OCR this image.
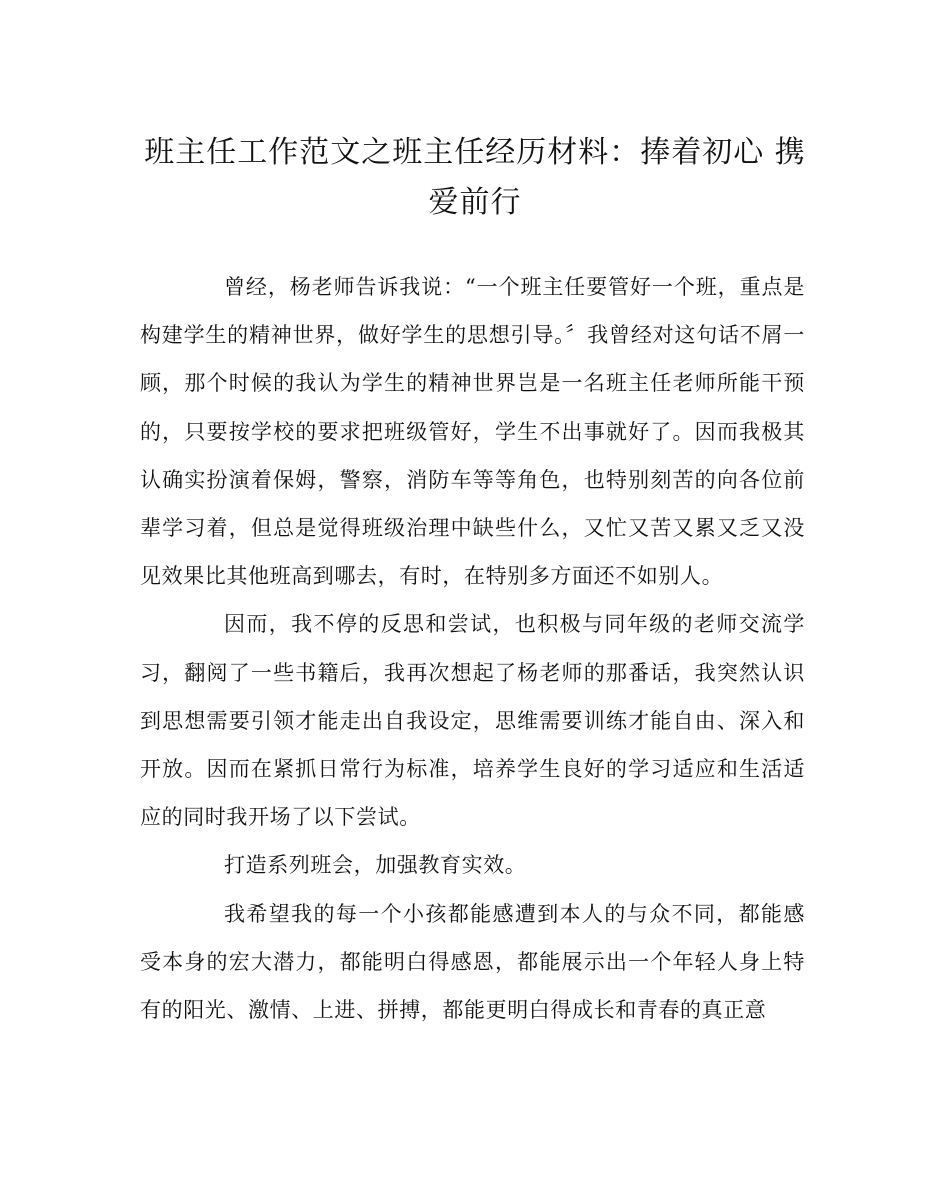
班主任工作范文之班主任经历材料：捧着初心 携爱前行

曾经，杨老师告诉我说：“一个班主任要管好一个班，重点是构建学生的精神世界，做好学生的思想引导。〞我曾经对这句话不屑一顾，那个时候的我认为学生的精神世界岂是一名班主任老师所能干预的，只要按学校的要求把班级管好，学生不出事就好了。因而我极其认确实扮演着保姆，警察，消防车等等角色，也特别刻苦的向各位前辈学习着，但总是觉得班级治理中缺些什么，又忙又苦又累又乏又没见效果比其他班高到哪去，有时，在特别多方面还不如别人。

因而，我不停的反思和尝试，也积极与同年级的老师交流学习，翻阅了一些书籍后，我再次想起了杨老师的那番话，我突然认识到思想需要引领才能走出自我设定，思维需要训练才能自由、深入和开放。因而在紧抓日常行为标准，培养学生良好的学习适应和生活适应的同时我开场了以下尝试。

打造系列班会，加强教育实效。

我希望我的每一个小孩都能感遭到本人的与众不同，都能感受本身的宏大潜力，都能明白得感恩，都能展示出一个年轻人身上特有的阳光、激情、上进、拼搏，都能更明白得成长和青春的真正意
